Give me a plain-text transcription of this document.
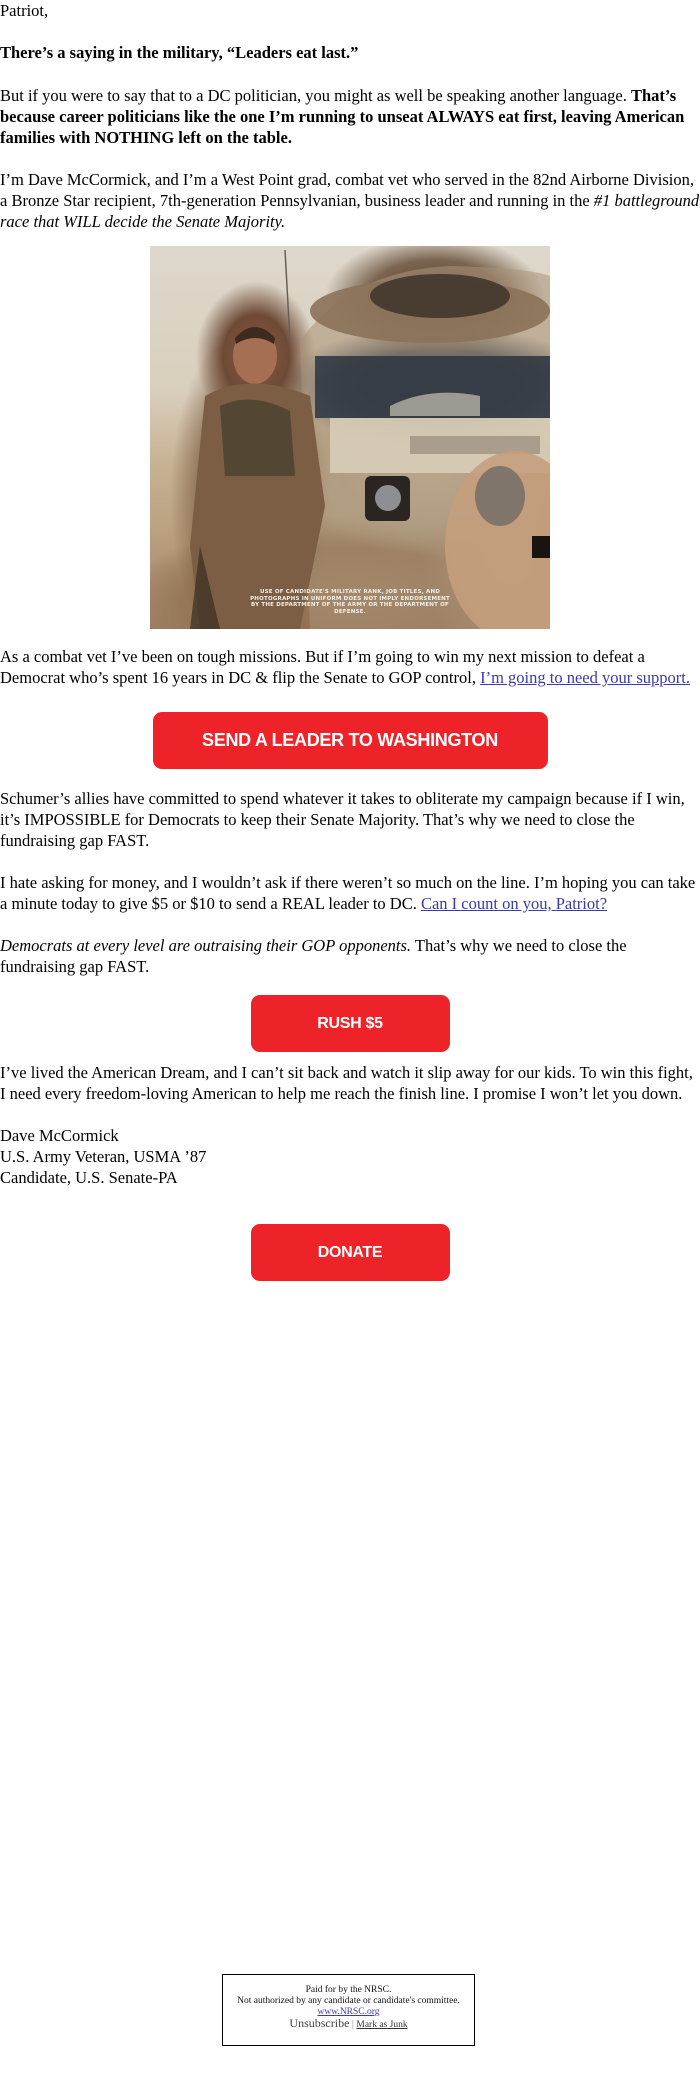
Patriot,

There’s a saying in the military, “Leaders eat last.”

But if you were to say that to a DC politician, you might as well be speaking another language. That’s because career politicians like the one I’m running to unseat ALWAYS eat first, leaving American families with NOTHING left on the table.

I’m Dave McCormick, and I’m a West Point grad, combat vet who served in the 82nd Airborne Division, a Bronze Star recipient, 7th-generation Pennsylvanian, business leader and running in the #1 battleground race that WILL decide the Senate Majority.

USE OF CANDIDATE'S MILITARY RANK, JOB TITLES, AND PHOTOGRAPHS IN UNIFORM DOES NOT IMPLY ENDORSEMENT BY THE DEPARTMENT OF THE ARMY OR THE DEPARTMENT OF DEFENSE.

As a combat vet I’ve been on tough missions. But if I’m going to win my next mission to defeat a Democrat who’s spent 16 years in DC & flip the Senate to GOP control, I’m going to need your support.

SEND A LEADER TO WASHINGTON

Schumer’s allies have committed to spend whatever it takes to obliterate my campaign because if I win, it’s IMPOSSIBLE for Democrats to keep their Senate Majority. That’s why we need to close the fundraising gap FAST.

I hate asking for money, and I wouldn’t ask if there weren’t so much on the line. I’m hoping you can take a minute today to give $5 or $10 to send a REAL leader to DC. Can I count on you, Patriot?

Democrats at every level are outraising their GOP opponents. That’s why we need to close the fundraising gap FAST.

RUSH $5

I’ve lived the American Dream, and I can’t sit back and watch it slip away for our kids. To win this fight, I need every freedom-loving American to help me reach the finish line. I promise I won’t let you down.

Dave McCormick

U.S. Army Veteran, USMA ’87

Candidate, U.S. Senate-PA

DONATE
Paid for by the NRSC.
Not authorized by any candidate or candidate's committee.
www.NRSC.org
Unsubscribe | Mark as Junk
